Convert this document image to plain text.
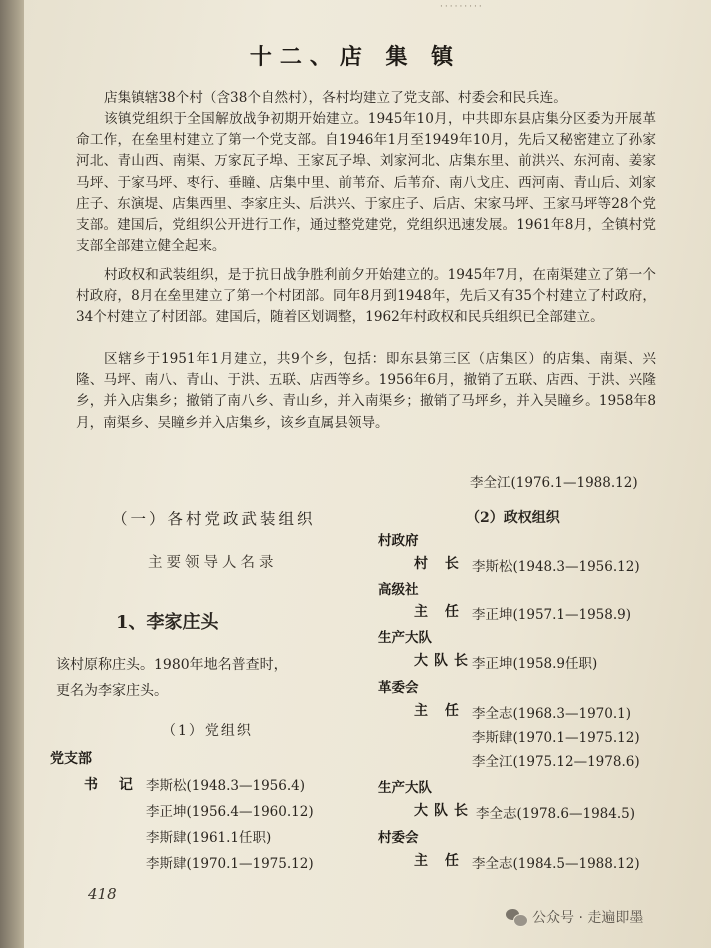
·········
十二、店 集 镇
店集镇辖38个村（含38个自然村），各村均建立了党支部、村委会和民兵连。
该镇党组织于全国解放战争初期开始建立。1945年10月，中共即东县店集分区委为开展革命工作，在垒里村建立了第一个党支部。自1946年1月至1949年10月，先后又秘密建立了孙家河北、青山西、南渠、万家瓦子埠、王家瓦子埠、刘家河北、店集东里、前洪兴、东河南、姜家马坪、于家马坪、枣行、垂瞳、店集中里、前苇夼、后苇夼、南八戈庄、西河南、青山后、刘家庄子、东演堤、店集西里、李家庄头、后洪兴、于家庄子、后店、宋家马坪、王家马坪等28个党支部。建国后，党组织公开进行工作，通过整党建党，党组织迅速发展。1961年8月，全镇村党支部全部建立健全起来。
村政权和武装组织，是于抗日战争胜利前夕开始建立的。1945年7月，在南渠建立了第一个村政府，8月在垒里建立了第一个村团部。同年8月到1948年，先后又有35个村建立了村政府，34个村建立了村团部。建国后，随着区划调整，1962年村政权和民兵组织已全部建立。
区辖乡于1951年1月建立，共9个乡，包括：即东县第三区（店集区）的店集、南渠、兴隆、马坪、南八、青山、于洪、五联、店西等乡。1956年6月，撤销了五联、店西、于洪、兴隆乡，并入店集乡；撤销了南八乡、青山乡，并入南渠乡；撤销了马坪乡，并入吴瞳乡。1958年8月，南渠乡、吴瞳乡并入店集乡，该乡直属县领导。
李全江(1976.1—1988.12)
（一）各村党政武装组织
主要领导人名录
1、李家庄头
该村原称庄头。1980年地名普查时，
更名为李家庄头。
（1）党组织
党支部
书 记 李斯松(1948.3—1956.4)
李正坤(1956.4—1960.12)
李斯肆(1961.1任职)
李斯肆(1970.1—1975.12)
（2）政权组织
村政府
村 长 李斯松(1948.3—1956.12)
高级社
主 任 李正坤(1957.1—1958.9)
生产大队
大队长
李正坤(1958.9任职)
革委会
主 任 李全志(1968.3—1970.1)
李斯肆(1970.1—1975.12)
李全江(1975.12—1978.6)
生产大队
大队长 李全志(1978.6—1984.5)
村委会
主 任 李全志(1984.5—1988.12)
418
公众号 · 走遍即墨
